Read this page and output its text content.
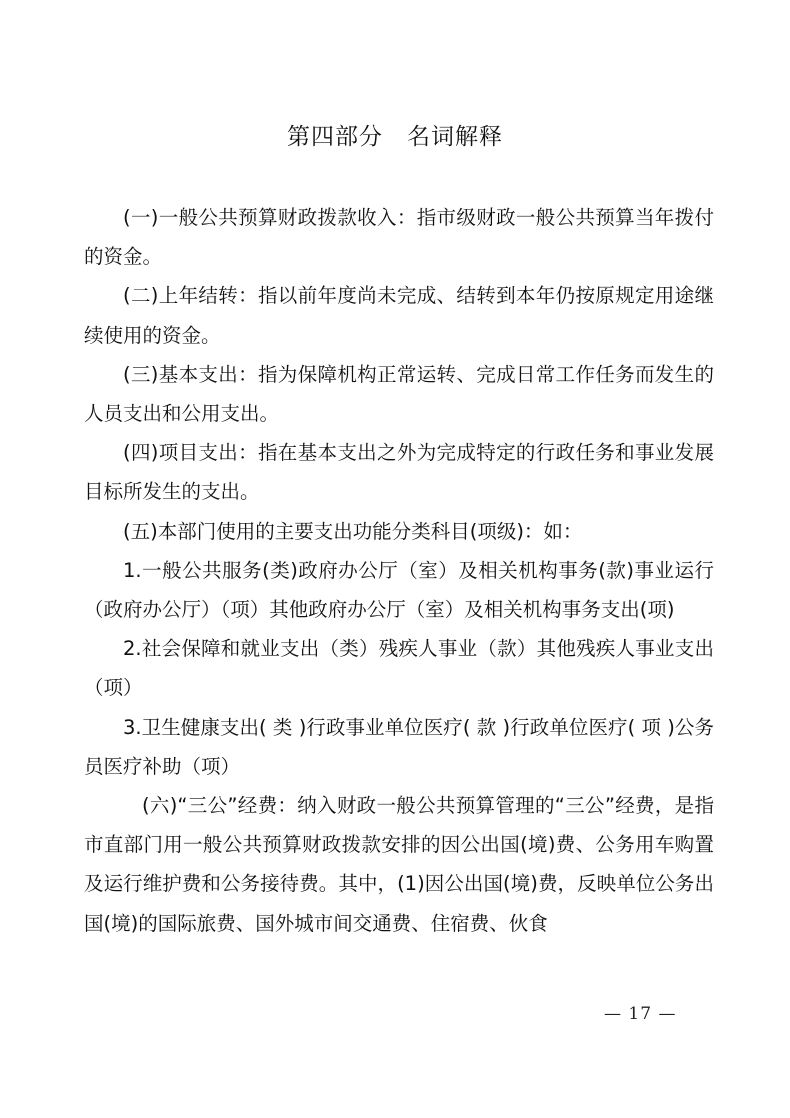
第四部分　名词解释

(一)一般公共预算财政拨款收入：指市级财政一般公共预算当年拨付的资金。

(二)上年结转：指以前年度尚未完成、结转到本年仍按原规定用途继续使用的资金。

(三)基本支出：指为保障机构正常运转、完成日常工作任务而发生的人员支出和公用支出。

(四)项目支出：指在基本支出之外为完成特定的行政任务和事业发展目标所发生的支出。

(五)本部门使用的主要支出功能分类科目(项级)：如：

1.一般公共服务(类)政府办公厅（室）及相关机构事务(款)事业运行（政府办公厅）（项）其他政府办公厅（室）及相关机构事务支出(项)

2.社会保障和就业支出（类）残疾人事业（款）其他残疾人事业支出（项）

3.卫生健康支出( 类 )行政事业单位医疗( 款 )行政单位医疗( 项 )公务员医疗补助（项）

(六)“三公”经费：纳入财政一般公共预算管理的“三公”经费，是指市直部门用一般公共预算财政拨款安排的因公出国(境)费、公务用车购置及运行维护费和公务接待费。其中，(1)因公出国(境)费，反映单位公务出国(境)的国际旅费、国外城市间交通费、住宿费、伙食

— 17 —
